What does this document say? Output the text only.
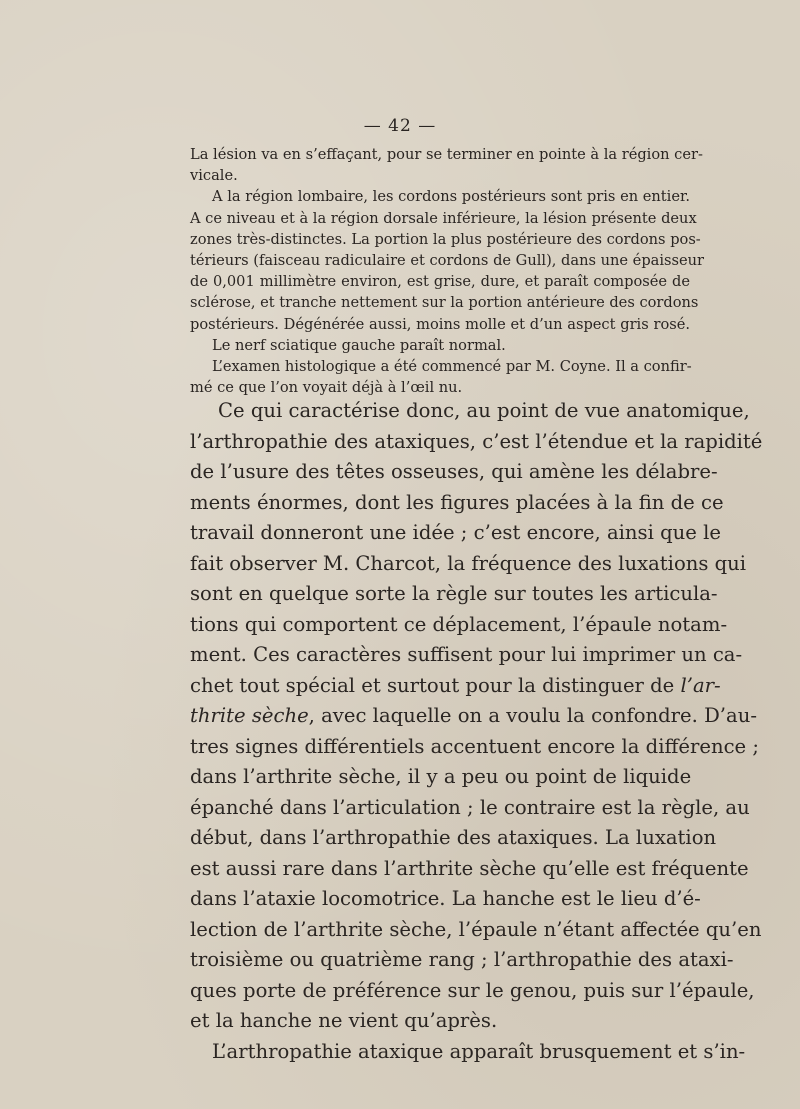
— 42 —
La lésion va en s’effaçant, pour se terminer en pointe à la région cer-
vicale.
A la région lombaire, les cordons postérieurs sont pris en entier.
A ce niveau et à la région dorsale inférieure, la lésion présente deux
zones très-distinctes. La portion la plus postérieure des cordons pos-
térieurs (faisceau radiculaire et cordons de Gull), dans une épaisseur
de 0,001 millimètre environ, est grise, dure, et paraît composée de
sclérose, et tranche nettement sur la portion antérieure des cordons
postérieurs. Dégénérée aussi, moins molle et d’un aspect gris rosé.
Le nerf sciatique gauche paraît normal.
L’examen histologique a été commencé par M. Coyne. Il a confir-
mé ce que l’on voyait déjà à l’œil nu.
Ce qui caractérise donc, au point de vue anatomique,
l’arthropathie des ataxiques, c’est l’étendue et la rapidité
de l’usure des têtes osseuses, qui amène les délabre-
ments énormes, dont les figures placées à la fin de ce
travail donneront une idée ; c’est encore, ainsi que le
fait observer M. Charcot, la fréquence des luxations qui
sont en quelque sorte la règle sur toutes les articula-
tions qui comportent ce déplacement, l’épaule notam-
ment. Ces caractères suffisent pour lui imprimer un ca-
chet tout spécial et surtout pour la distinguer de l’ar-
thrite sèche, avec laquelle on a voulu la confondre. D’au-
tres signes différentiels accentuent encore la différence ;
dans l’arthrite sèche, il y a peu ou point de liquide
épanché dans l’articulation ; le contraire est la règle, au
début, dans l’arthropathie des ataxiques. La luxation
est aussi rare dans l’arthrite sèche qu’elle est fréquente
dans l’ataxie locomotrice. La hanche est le lieu d’é-
lection de l’arthrite sèche, l’épaule n’étant affectée qu’en
troisième ou quatrième rang ; l’arthropathie des ataxi-
ques porte de préférence sur le genou, puis sur l’épaule,
et la hanche ne vient qu’après.
L’arthropathie ataxique apparaît brusquement et s’in-
